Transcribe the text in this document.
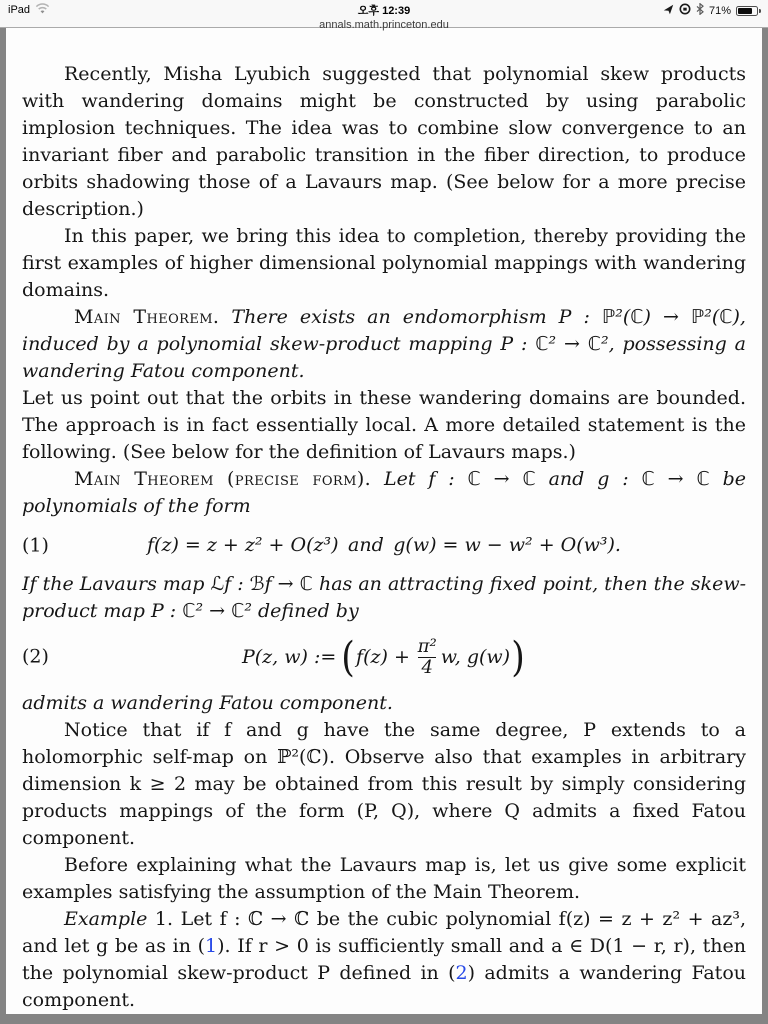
iPad	오후 12:39
annals.math.princeton.edu
71%

Recently, Misha Lyubich suggested that polynomial skew products with wandering domains might be constructed by using parabolic implosion techniques. The idea was to combine slow convergence to an invariant fiber and parabolic transition in the fiber direction, to produce orbits shadowing those of a Lavaurs map. (See below for a more precise description.)

In this paper, we bring this idea to completion, thereby providing the first examples of higher dimensional polynomial mappings with wandering domains.

Main Theorem. There exists an endomorphism P : ℙ²(ℂ) → ℙ²(ℂ), induced by a polynomial skew-product mapping P : ℂ² → ℂ², possessing a wandering Fatou component.

Let us point out that the orbits in these wandering domains are bounded. The approach is in fact essentially local. A more detailed statement is the following. (See below for the definition of Lavaurs maps.)

Main Theorem (precise form). Let f : ℂ → ℂ and g : ℂ → ℂ be polynomials of the form

(1)	f(z) = z + z² + O(z³) and g(w) = w − w² + O(w³).

If the Lavaurs map ℒf : ℬf → ℂ has an attracting fixed point, then the skew-product map P : ℂ² → ℂ² defined by

(2)	P(z, w) :=  ( $f(z) + \frac{\text{π²}}{4} w$, g(w) )

admits a wandering Fatou component.

Notice that if f and g have the same degree, P extends to a holomorphic self-map on ℙ²(ℂ). Observe also that examples in arbitrary dimension k ≥ 2 may be obtained from this result by simply considering products mappings of the form (P, Q), where Q admits a fixed Fatou component.

Before explaining what the Lavaurs map is, let us give some explicit examples satisfying the assumption of the Main Theorem.

Example 1. Let f : ℂ → ℂ be the cubic polynomial f(z) = z + z² + az³, and let g be as in (1). If r > 0 is sufficiently small and a ∈ D(1 − r, r), then the polynomial skew-product P defined in (2) admits a wandering Fatou component.
